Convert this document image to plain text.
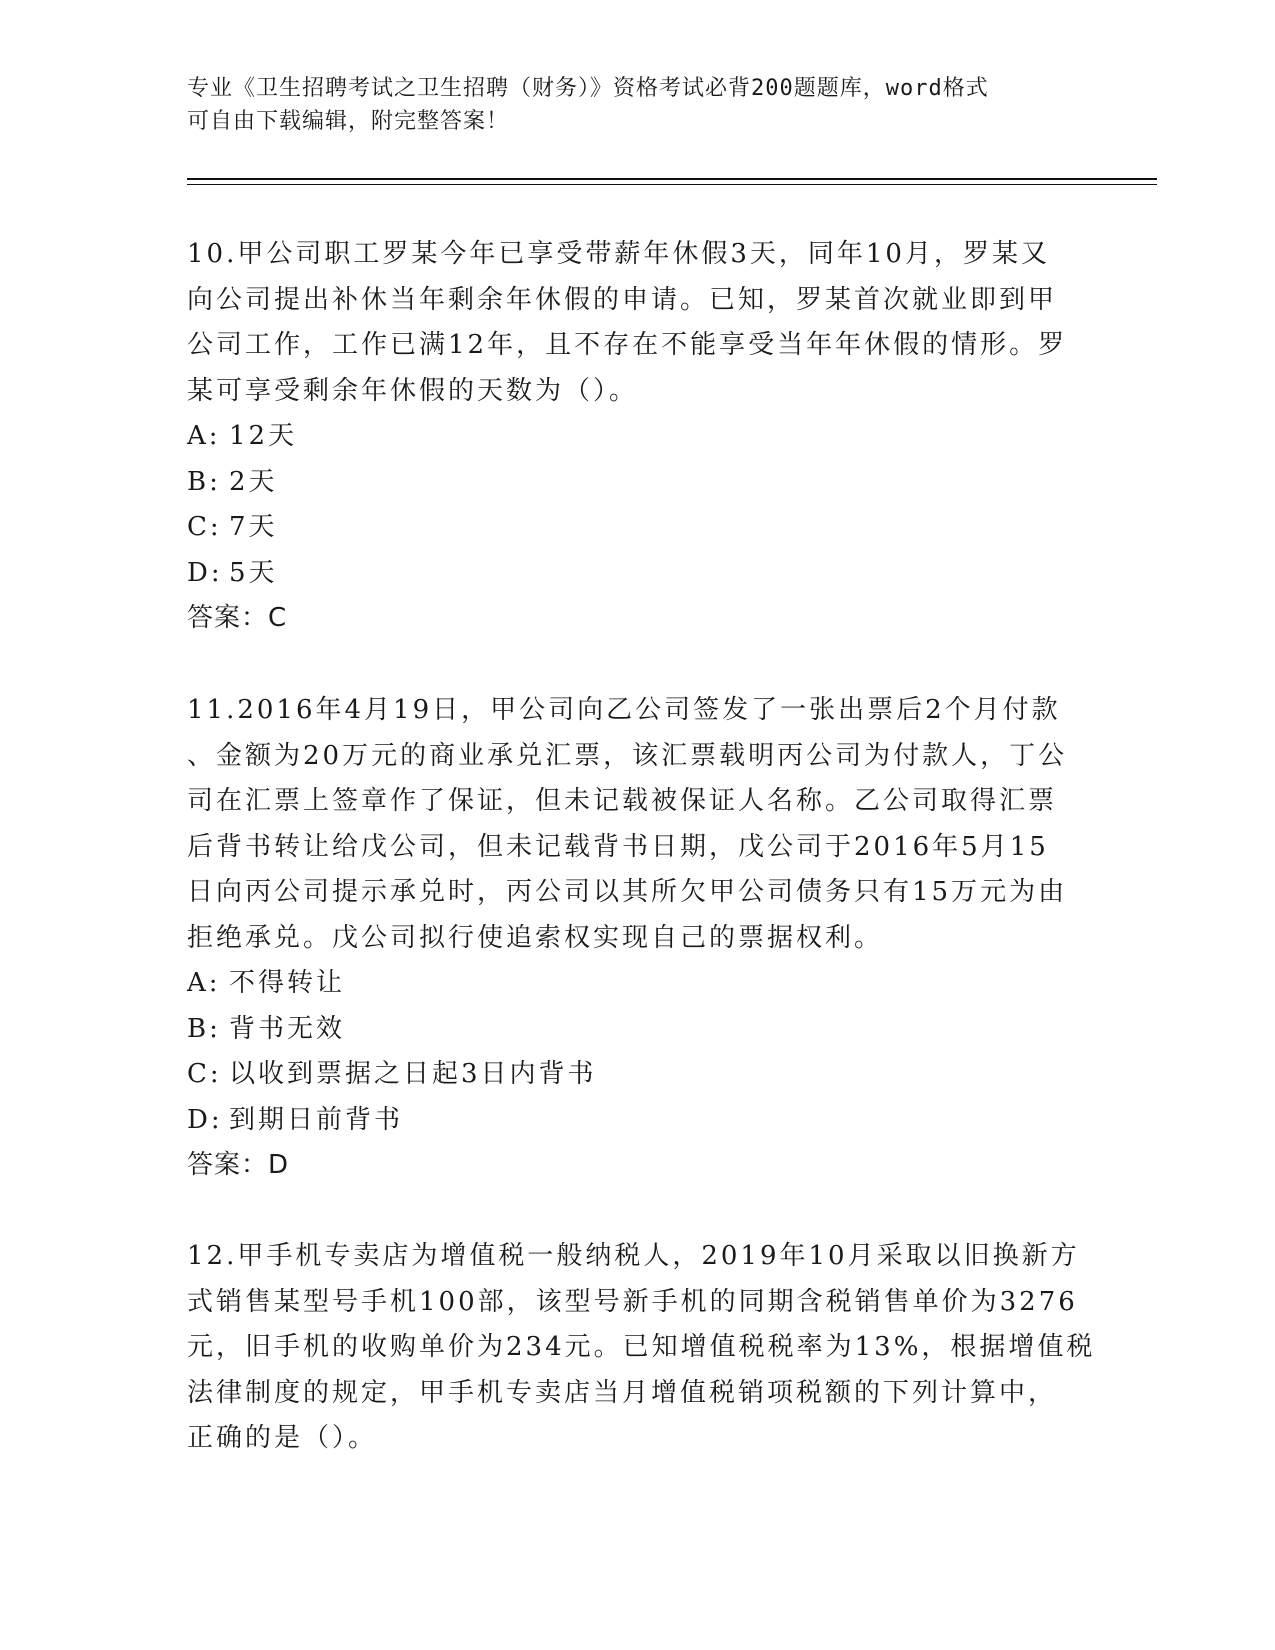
专业《卫生招聘考试之卫生招聘（财务）》资格考试必背200题题库，word格式
可自由下载编辑，附完整答案！
10.甲公司职工罗某今年已享受带薪年休假3天，同年10月，罗某又
向公司提出补休当年剩余年休假的申请。已知，罗某首次就业即到甲
公司工作，工作已满12年，且不存在不能享受当年年休假的情形。罗
某可享受剩余年休假的天数为（）。
A: 12天
B: 2天
C: 7天
D: 5天
答案：C
11.2016年4月19日，甲公司向乙公司签发了一张出票后2个月付款
、金额为20万元的商业承兑汇票，该汇票载明丙公司为付款人，丁公
司在汇票上签章作了保证，但未记载被保证人名称。乙公司取得汇票
后背书转让给戊公司，但未记载背书日期，戊公司于2016年5月15
日向丙公司提示承兑时，丙公司以其所欠甲公司债务只有15万元为由
拒绝承兑。戊公司拟行使追索权实现自己的票据权利。
A: 不得转让
B: 背书无效
C: 以收到票据之日起3日内背书
D: 到期日前背书
答案：D
12.甲手机专卖店为增值税一般纳税人，2019年10月采取以旧换新方
式销售某型号手机100部，该型号新手机的同期含税销售单价为3276
元，旧手机的收购单价为234元。已知增值税税率为13%，根据增值税
法律制度的规定，甲手机专卖店当月增值税销项税额的下列计算中，
正确的是（）。
